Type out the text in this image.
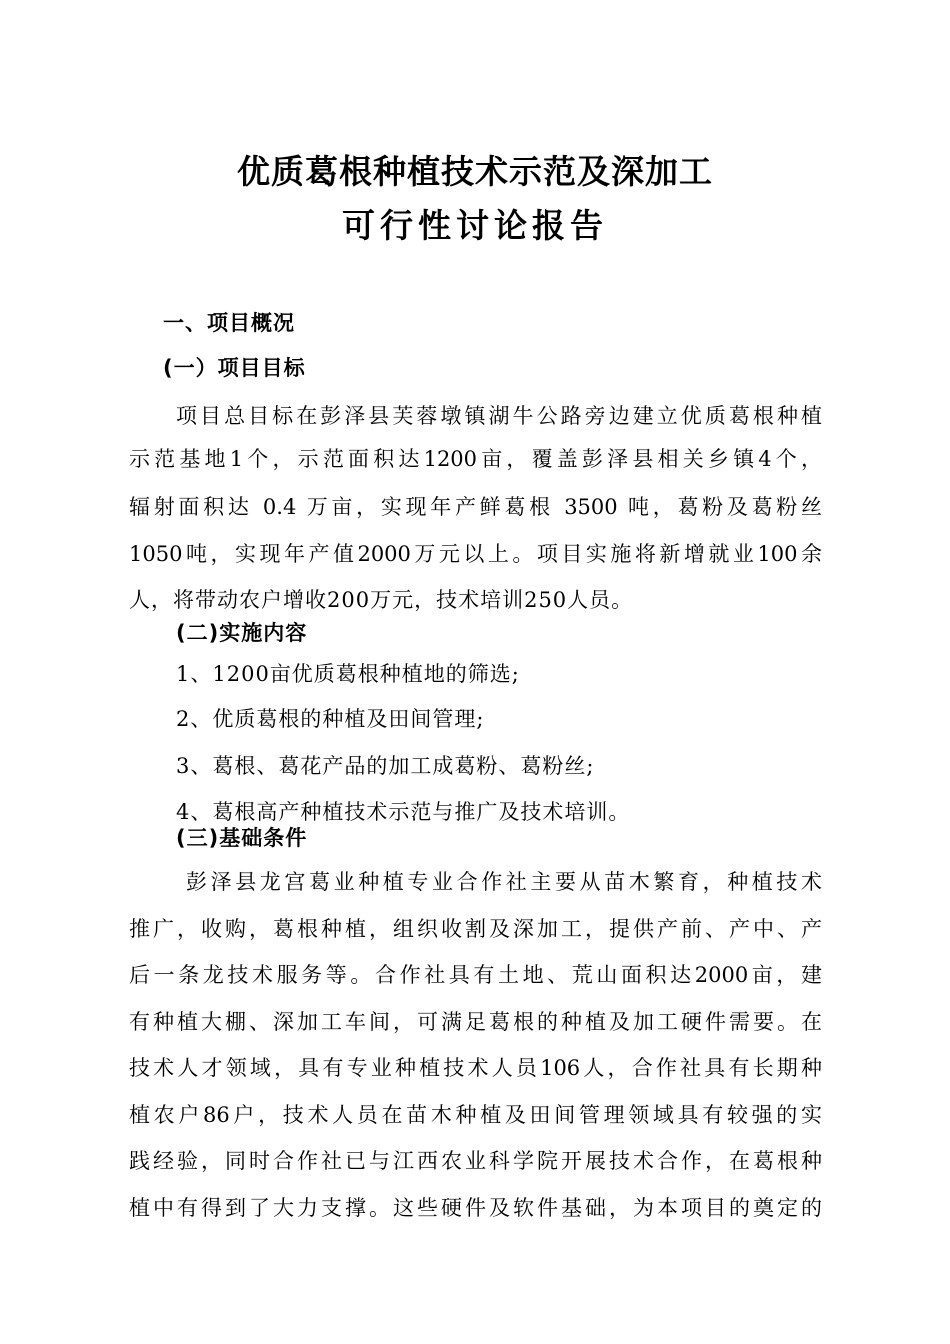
优质葛根种植技术示范及深加工
可行性讨论报告
一、项目概况
(一）项目目标
项目总目标在彭泽县芙蓉墩镇湖牛公路旁边建立优质葛根种植
示范基地1个，示范面积达1200亩，覆盖彭泽县相关乡镇4个，
辐射面积达 0.4 万亩，实现年产鲜葛根 3500 吨，葛粉及葛粉丝
1050吨，实现年产值2000万元以上。项目实施将新增就业100余
人，将带动农户增收200万元，技术培训250人员。
(二)实施内容
1、1200亩优质葛根种植地的筛选;
2、优质葛根的种植及田间管理;
3、葛根、葛花产品的加工成葛粉、葛粉丝;
4、葛根高产种植技术示范与推广及技术培训。
(三)基础条件
彭泽县龙宫葛业种植专业合作社主要从苗木繁育，种植技术
推广，收购，葛根种植，组织收割及深加工，提供产前、产中、产
后一条龙技术服务等。合作社具有土地、荒山面积达2000亩，建
有种植大棚、深加工车间，可满足葛根的种植及加工硬件需要。在
技术人才领域，具有专业种植技术人员106人，合作社具有长期种
植农户86户，技术人员在苗木种植及田间管理领域具有较强的实
践经验，同时合作社已与江西农业科学院开展技术合作，在葛根种
植中有得到了大力支撑。这些硬件及软件基础，为本项目的奠定的
